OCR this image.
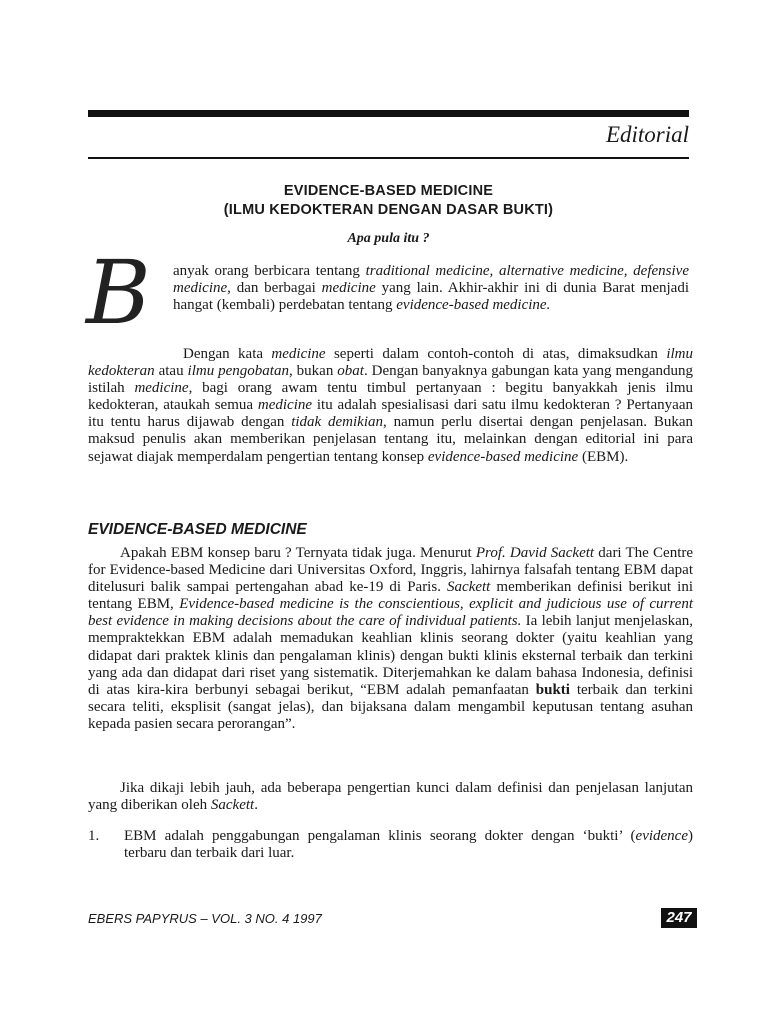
Editorial
EVIDENCE-BASED MEDICINE
(ILMU KEDOKTERAN DENGAN DASAR BUKTI)
Apa pula itu ?
B anyak orang berbicara tentang traditional medicine, alternative medicine, defensive medicine, dan berbagai medicine yang lain. Akhir-akhir ini di dunia Barat menjadi hangat (kembali) perdebatan tentang evidence-based medicine.
Dengan kata medicine seperti dalam contoh-contoh di atas, dimaksudkan ilmu kedokteran atau ilmu pengobatan, bukan obat. Dengan banyaknya gabungan kata yang mengandung istilah medicine, bagi orang awam tentu timbul pertanyaan : begitu banyakkah jenis ilmu kedokteran, ataukah semua medicine itu adalah spesialisasi dari satu ilmu kedokteran ? Pertanyaan itu tentu harus dijawab dengan tidak demikian, namun perlu disertai dengan penjelasan. Bukan maksud penulis akan memberikan penjelasan tentang itu, melainkan dengan editorial ini para sejawat diajak memperdalam pengertian tentang konsep evidence-based medicine (EBM).
EVIDENCE-BASED MEDICINE
Apakah EBM konsep baru ? Ternyata tidak juga. Menurut Prof. David Sackett dari The Centre for Evidence-based Medicine dari Universitas Oxford, Inggris, lahirnya falsafah tentang EBM dapat ditelusuri balik sampai pertengahan abad ke-19 di Paris. Sackett memberikan definisi berikut ini tentang EBM, Evidence-based medicine is the conscientious, explicit and judicious use of current best evidence in making decisions about the care of individual patients. Ia lebih lanjut menjelaskan, mempraktekkan EBM adalah memadukan keahlian klinis seorang dokter (yaitu keahlian yang didapat dari praktek klinis dan pengalaman klinis) dengan bukti klinis eksternal terbaik dan terkini yang ada dan didapat dari riset yang sistematik. Diterjemahkan ke dalam bahasa Indonesia, definisi di atas kira-kira berbunyi sebagai berikut, “EBM adalah pemanfaatan bukti terbaik dan terkini secara teliti, eksplisit (sangat jelas), dan bijaksana dalam mengambil keputusan tentang asuhan kepada pasien secara perorangan”.
Jika dikaji lebih jauh, ada beberapa pengertian kunci dalam definisi dan penjelasan lanjutan yang diberikan oleh Sackett.
1.	EBM adalah penggabungan pengalaman klinis seorang dokter dengan ‘bukti’ (evidence) terbaru dan terbaik dari luar.
EBERS PAPYRUS – VOL. 3 NO. 4 1997	247
